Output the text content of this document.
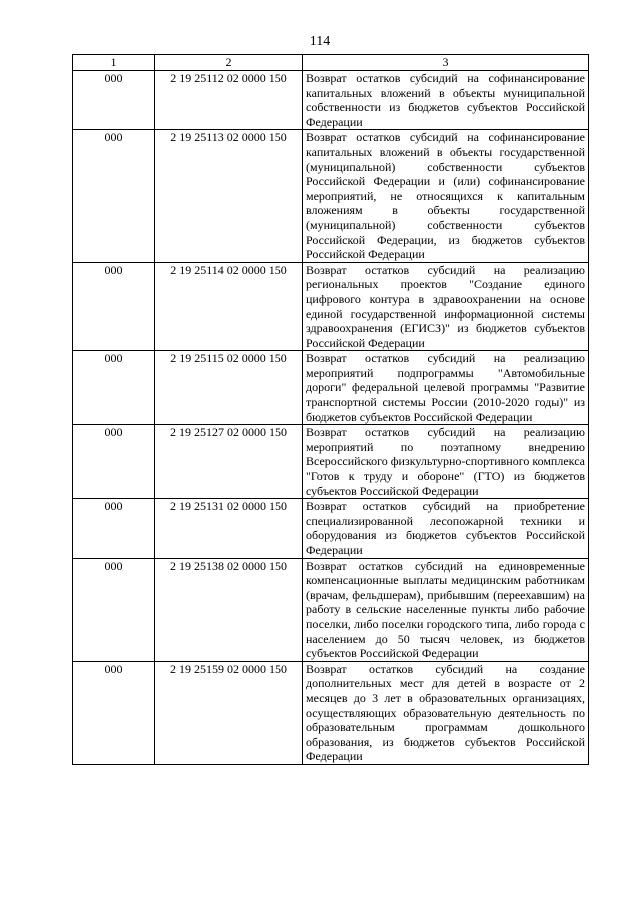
114
1	2	3
000	2 19 25112 02 0000 150	Возврат остатков субсидий на софинансирование капитальных вложений в объекты муниципальной собственности из бюджетов субъектов Российской Федерации
000	2 19 25113 02 0000 150	Возврат остатков субсидий на софинансирование капитальных вложений в объекты государственной (муниципальной) собственности субъектов Российской Федерации и (или) софинансирование мероприятий, не относящихся к капитальным вложениям в объекты государственной (муниципальной) собственности субъектов Российской Федерации, из бюджетов субъектов Российской Федерации
000	2 19 25114 02 0000 150	Возврат остатков субсидий на реализацию региональных проектов "Создание единого цифрового контура в здравоохранении на основе единой государственной информационной системы здравоохранения (ЕГИСЗ)" из бюджетов субъектов Российской Федерации
000	2 19 25115 02 0000 150	Возврат остатков субсидий на реализацию мероприятий подпрограммы "Автомобильные дороги" федеральной целевой программы "Развитие транспортной системы России (2010-2020 годы)" из бюджетов субъектов Российской Федерации
000	2 19 25127 02 0000 150	Возврат остатков субсидий на реализацию мероприятий по поэтапному внедрению Всероссийского физкультурно-спортивного комплекса "Готов к труду и обороне" (ГТО) из бюджетов субъектов Российской Федерации
000	2 19 25131 02 0000 150	Возврат остатков субсидий на приобретение специализированной лесопожарной техники и оборудования из бюджетов субъектов Российской Федерации
000	2 19 25138 02 0000 150	Возврат остатков субсидий на единовременные компенсационные выплаты медицинским работникам (врачам, фельдшерам), прибывшим (переехавшим) на работу в сельские населенные пункты либо рабочие поселки, либо поселки городского типа, либо города с населением до 50 тысяч человек, из бюджетов субъектов Российской Федерации
000	2 19 25159 02 0000 150	Возврат остатков субсидий на создание дополнительных мест для детей в возрасте от 2 месяцев до 3 лет в образовательных организациях, осуществляющих образовательную деятельность по образовательным программам дошкольного образования, из бюджетов субъектов Российской Федерации
